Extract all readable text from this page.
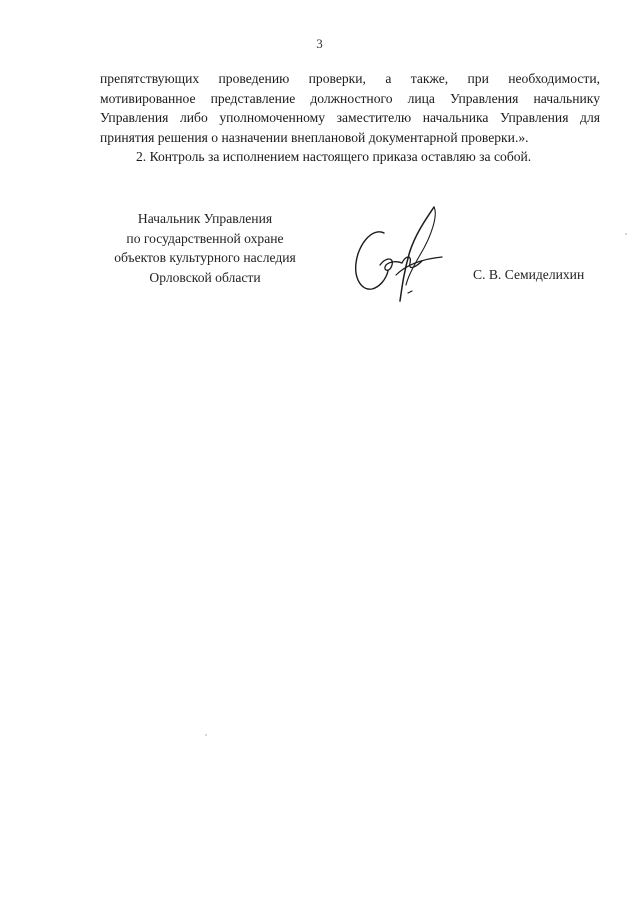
3

препятствующих проведению проверки, а также, при необходимости, мотивированное представление должностного лица Управления начальнику Управления либо уполномоченному заместителю начальника Управления для принятия решения о назначении внеплановой документарной проверки.».

2. Контроль за исполнением настоящего приказа оставляю за собой.

Начальник Управления
по государственной охране
объектов культурного наследия
Орловской области	С. В. Семиделихин
